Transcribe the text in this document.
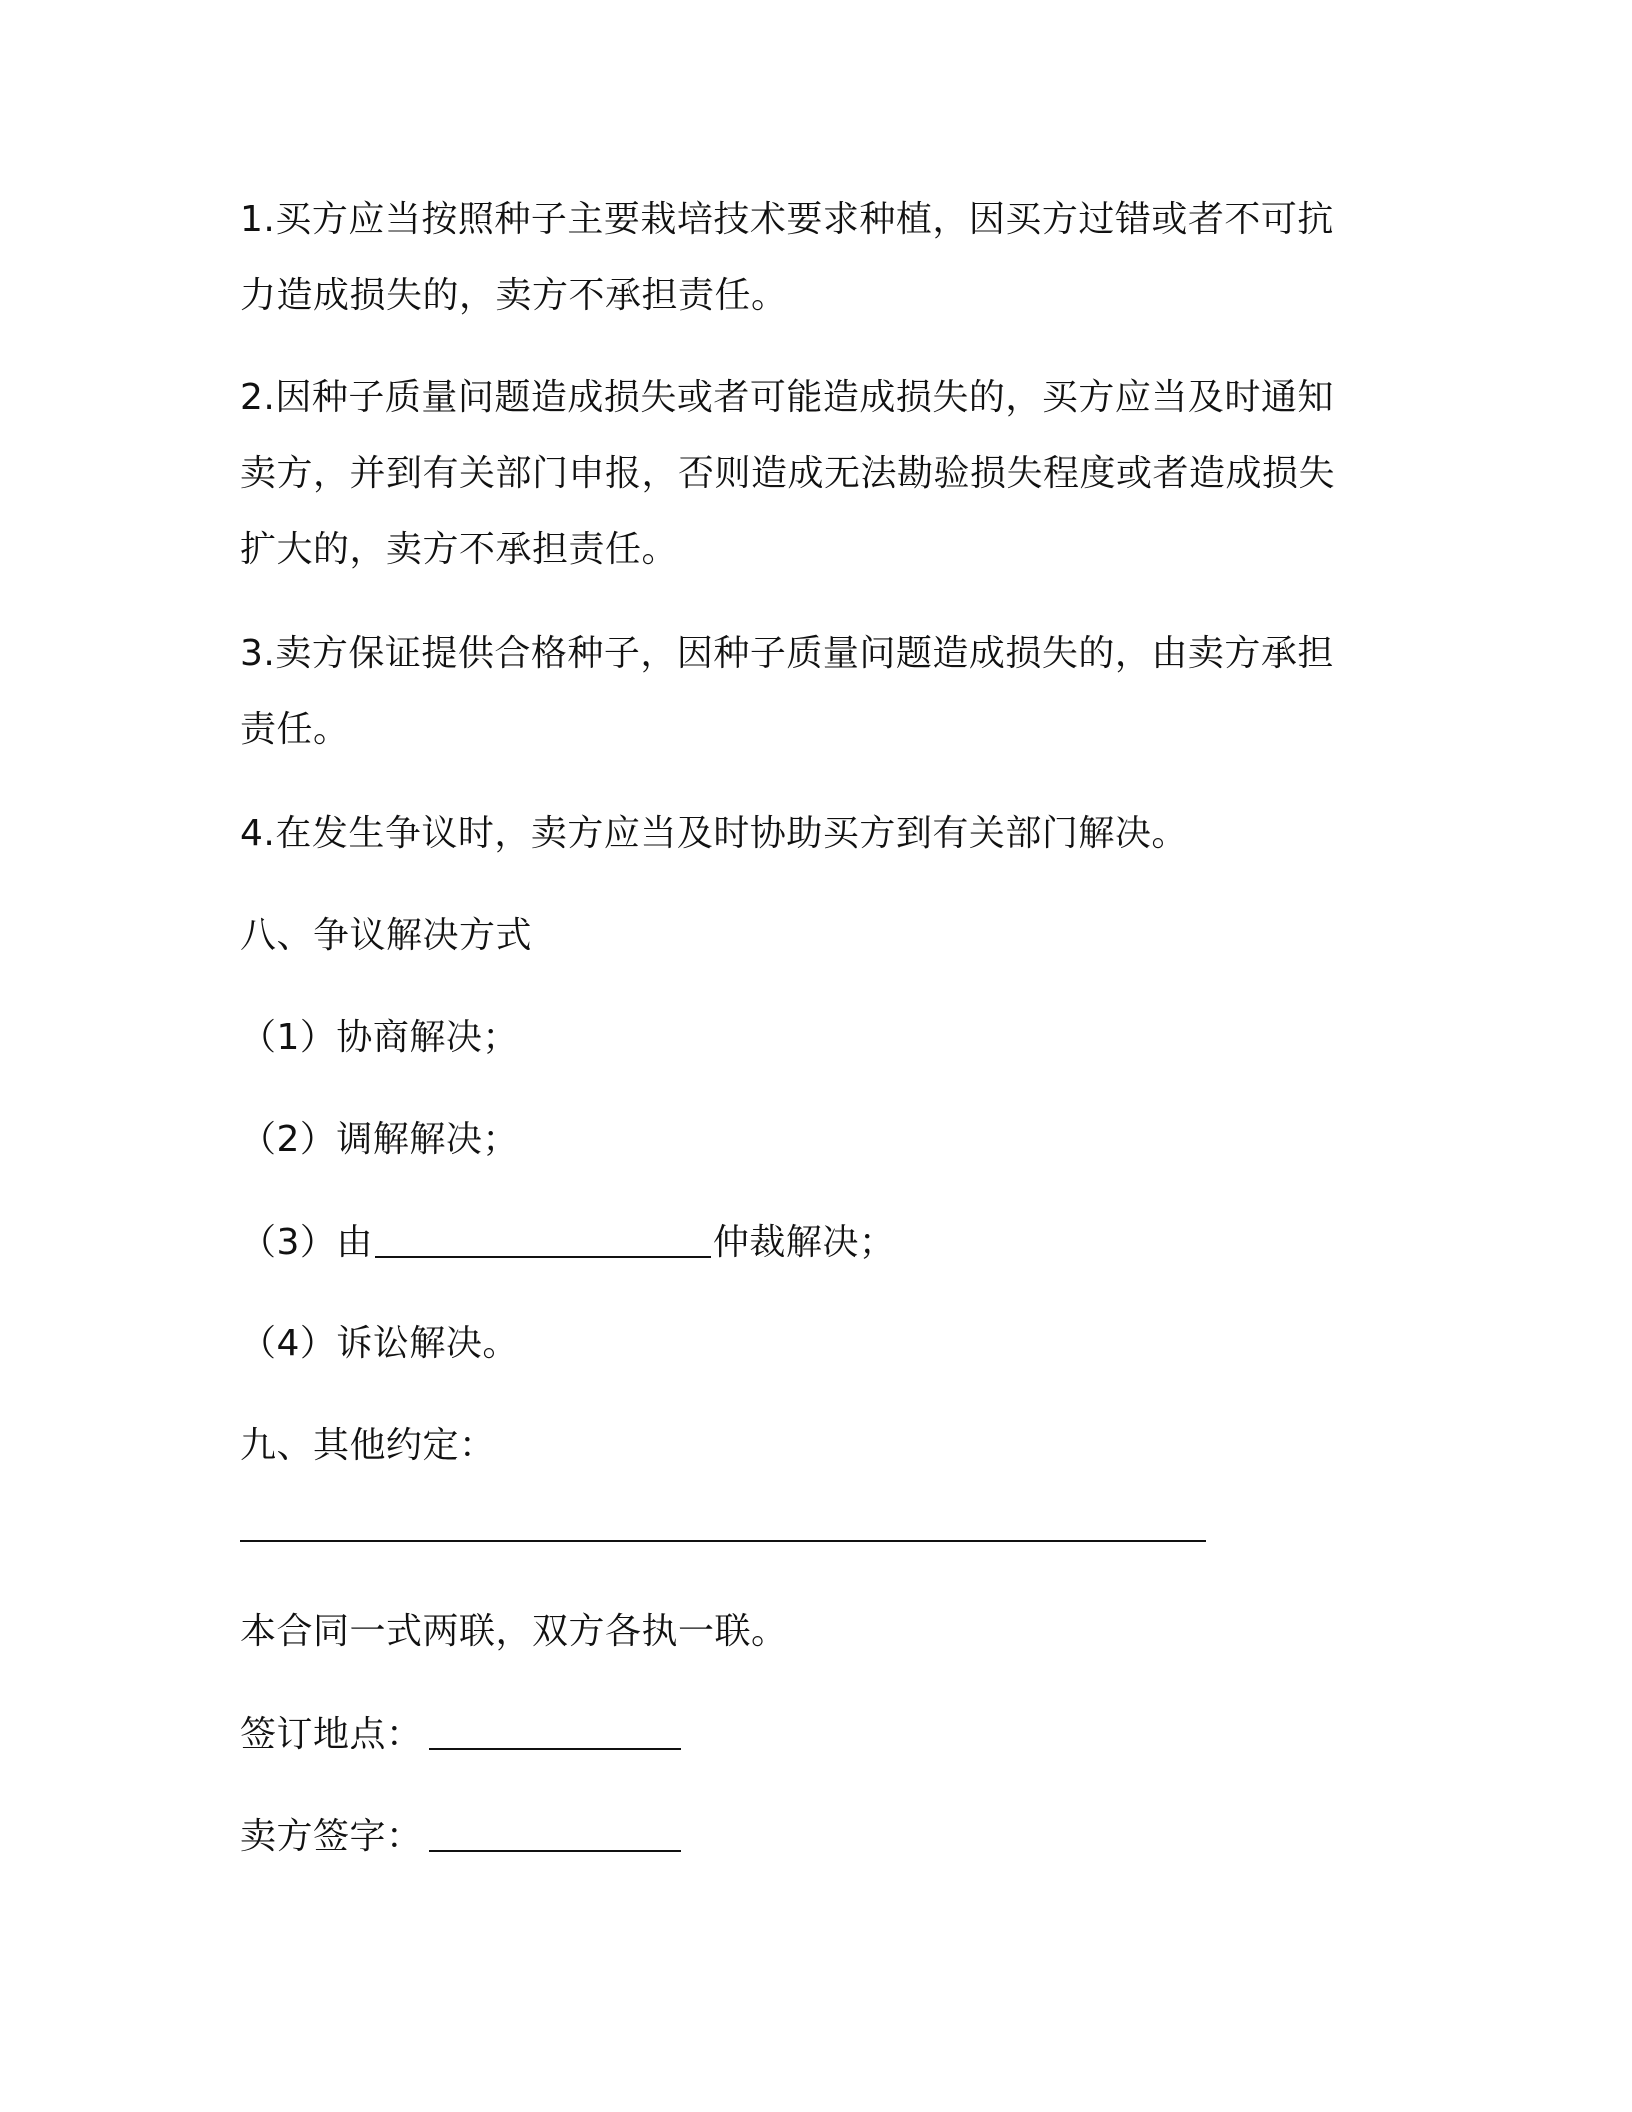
1.买方应当按照种子主要栽培技术要求种植，因买方过错或者不可抗
力造成损失的，卖方不承担责任。
2.因种子质量问题造成损失或者可能造成损失的，买方应当及时通知
卖方，并到有关部门申报，否则造成无法勘验损失程度或者造成损失
扩大的，卖方不承担责任。
3.卖方保证提供合格种子，因种子质量问题造成损失的，由卖方承担
责任。
4.在发生争议时，卖方应当及时协助买方到有关部门解决。
八、争议解决方式
（1）协商解决；
（2）调解解决；
（3）由	仲裁解决；
（4）诉讼解决。
九、其他约定：
本合同一式两联，双方各执一联。
签订地点：
卖方签字：
